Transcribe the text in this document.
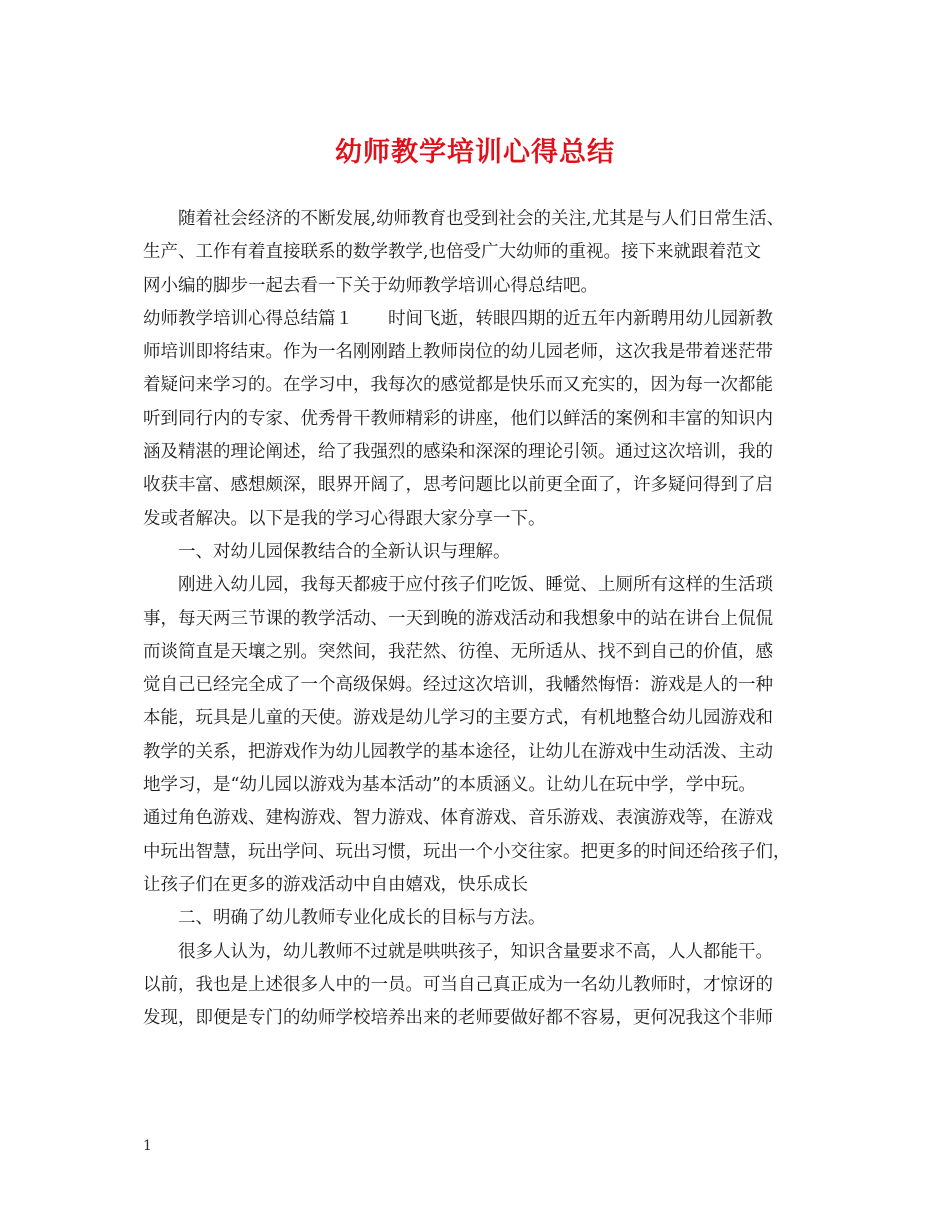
幼师教学培训心得总结
　　随着社会经济的不断发展,幼师教育也受到社会的关注,尤其是与人们日常生活、
生产、工作有着直接联系的数学教学,也倍受广大幼师的重视。接下来就跟着范文
网小编的脚步一起去看一下关于幼师教学培训心得总结吧。
幼师教学培训心得总结篇１　　时间飞逝，转眼四期的近五年内新聘用幼儿园新教
师培训即将结束。作为一名刚刚踏上教师岗位的幼儿园老师，这次我是带着迷茫带
着疑问来学习的。在学习中，我每次的感觉都是快乐而又充实的，因为每一次都能
听到同行内的专家、优秀骨干教师精彩的讲座，他们以鲜活的案例和丰富的知识内
涵及精湛的理论阐述，给了我强烈的感染和深深的理论引领。通过这次培训，我的
收获丰富、感想颇深，眼界开阔了，思考问题比以前更全面了，许多疑问得到了启
发或者解决。以下是我的学习心得跟大家分享一下。
　　一、对幼儿园保教结合的全新认识与理解。
　　刚进入幼儿园，我每天都疲于应付孩子们吃饭、睡觉、上厕所有这样的生活琐
事，每天两三节课的教学活动、一天到晚的游戏活动和我想象中的站在讲台上侃侃
而谈简直是天壤之别。突然间，我茫然、彷徨、无所适从、找不到自己的价值，感
觉自己已经完全成了一个高级保姆。经过这次培训，我幡然悔悟：游戏是人的一种
本能，玩具是儿童的天使。游戏是幼儿学习的主要方式，有机地整合幼儿园游戏和
教学的关系，把游戏作为幼儿园教学的基本途径，让幼儿在游戏中生动活泼、主动
地学习，是“幼儿园以游戏为基本活动”的本质涵义。让幼儿在玩中学，学中玩。
通过角色游戏、建构游戏、智力游戏、体育游戏、音乐游戏、表演游戏等，在游戏
中玩出智慧，玩出学问、玩出习惯，玩出一个小交往家。把更多的时间还给孩子们，
让孩子们在更多的游戏活动中自由嬉戏，快乐成长
　　二、明确了幼儿教师专业化成长的目标与方法。
　　很多人认为，幼儿教师不过就是哄哄孩子，知识含量要求不高，人人都能干。
以前，我也是上述很多人中的一员。可当自己真正成为一名幼儿教师时，才惊讶的
发现，即便是专门的幼师学校培养出来的老师要做好都不容易，更何况我这个非师
1
